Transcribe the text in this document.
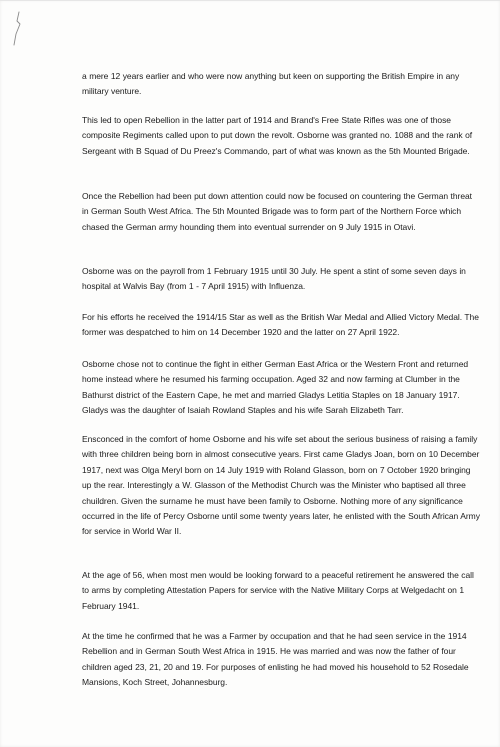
a mere 12 years earlier and who were now anything but keen on supporting the British Empire in any military venture.

This led to open Rebellion in the latter part of 1914 and Brand's Free State Rifles was one of those composite Regiments called upon to put down the revolt. Osborne was granted no. 1088 and the rank of Sergeant with B Squad of Du Preez's Commando, part of what was known as the 5th Mounted Brigade.

Once the Rebellion had been put down attention could now be focused on countering the German threat in German South West Africa. The 5th Mounted Brigade was to form part of the Northern Force which chased the German army hounding them into eventual surrender on 9 July 1915 in Otavi.

Osborne was on the payroll from 1 February 1915 until 30 July. He spent a stint of some seven days in hospital at Walvis Bay (from 1 - 7 April 1915) with Influenza.

For his efforts he received the 1914/15 Star as well as the British War Medal and Allied Victory Medal. The former was despatched to him on 14 December 1920 and the latter on 27 April 1922.

Osborne chose not to continue the fight in either German East Africa or the Western Front and returned home instead where he resumed his farming occupation. Aged 32 and now farming at Clumber in the Bathurst district of the Eastern Cape, he met and married Gladys Letitia Staples on 18 January 1917. Gladys was the daughter of Isaiah Rowland Staples and his wife Sarah Elizabeth Tarr.

Ensconced in the comfort of home Osborne and his wife set about the serious business of raising a family with three children being born in almost consecutive years. First came Gladys Joan, born on 10 December 1917, next was Olga Meryl born on 14 July 1919 with Roland Glasson, born on 7 October 1920 bringing up the rear. Interestingly a W. Glasson of the Methodist Church was the Minister who baptised all three chuildren. Given the surname he must have been family to Osborne. Nothing more of any significance occurred in the life of Percy Osborne until some twenty years later, he enlisted with the South African Army for service in World War II.

At the age of 56, when most men would be looking forward to a peaceful retirement he answered the call to arms by completing Attestation Papers for service with the Native Military Corps at Welgedacht on 1 February 1941.

At the time he confirmed that he was a Farmer by occupation and that he had seen service in the 1914 Rebellion and in German South West Africa in 1915. He was married and was now the father of four children aged 23, 21, 20 and 19. For purposes of enlisting he had moved his household to 52 Rosedale Mansions, Koch Street, Johannesburg.
